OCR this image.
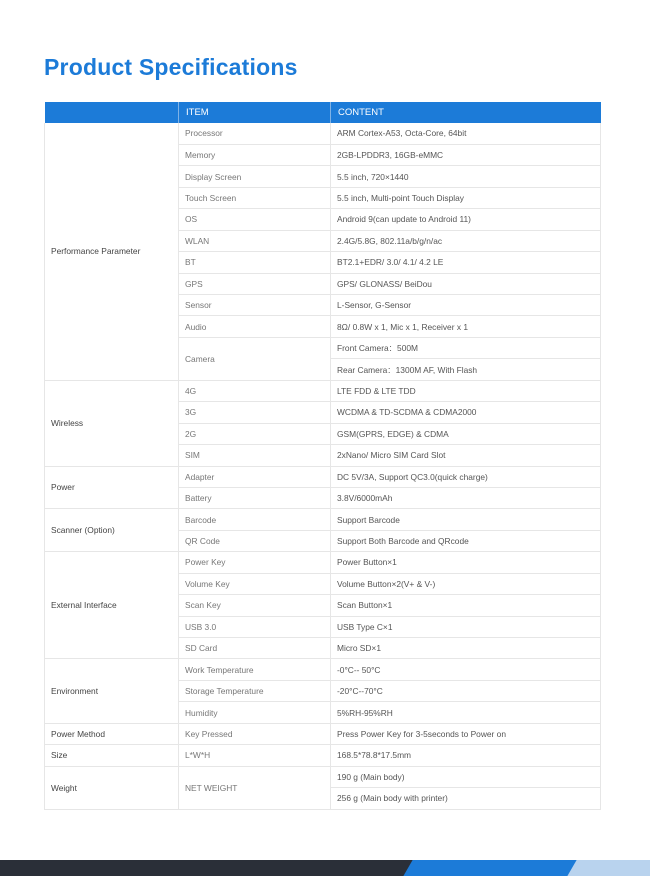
Product Specifications
	ITEM	CONTENT
Performance Parameter	Processor	ARM Cortex-A53, Octa-Core, 64bit
	Memory	2GB-LPDDR3, 16GB-eMMC
	Display Screen	5.5 inch, 720×1440
	Touch Screen	5.5 inch, Multi-point Touch Display
	OS	Android 9(can update to Android 11)
	WLAN	2.4G/5.8G, 802.11a/b/g/n/ac
	BT	BT2.1+EDR/ 3.0/ 4.1/ 4.2 LE
	GPS	GPS/ GLONASS/ BeiDou
	Sensor	L-Sensor, G-Sensor
	Audio	8Ω/ 0.8W x 1, Mic x 1, Receiver x 1
	Camera	Front Camera：500M
		Rear Camera：1300M AF, With Flash
Wireless	4G	LTE FDD & LTE TDD
	3G	WCDMA & TD-SCDMA & CDMA2000
	2G	GSM(GPRS, EDGE) & CDMA
	SIM	2xNano/ Micro SIM Card Slot
Power	Adapter	DC 5V/3A, Support QC3.0(quick charge)
	Battery	3.8V/6000mAh
Scanner (Option)	Barcode	Support Barcode
	QR Code	Support Both Barcode and QRcode
External Interface	Power Key	Power Button×1
	Volume Key	Volume Button×2(V+ & V-)
	Scan Key	Scan Button×1
	USB 3.0	USB Type C×1
	SD Card	Micro SD×1
Environment	Work Temperature	-0°C-- 50°C
	Storage Temperature	-20°C--70°C
	Humidity	5%RH-95%RH
Power Method	Key Pressed	Press Power Key for 3-5seconds to Power on
Size	L*W*H	168.5*78.8*17.5mm
Weight	NET WEIGHT	190 g (Main body)
		256 g (Main body with printer)
